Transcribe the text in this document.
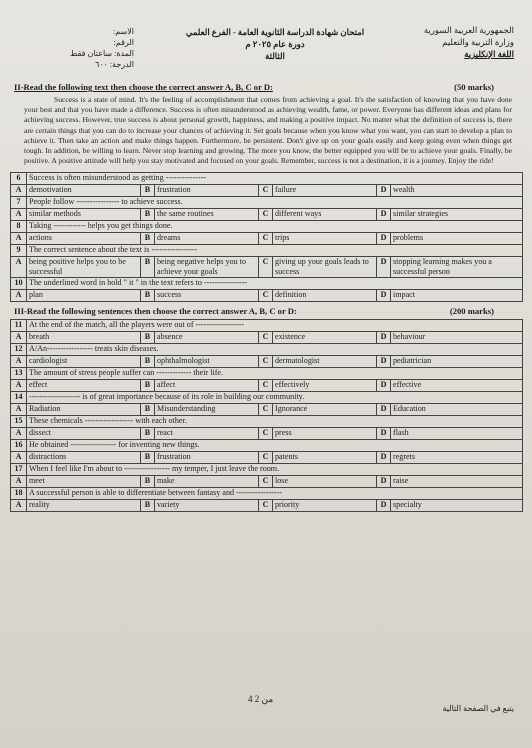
الجمهورية العربية السورية
وزارة التربية والتعليم
اللغة الإنكليزية
امتحان شهادة الدراسة الثانوية العامة - الفرع العلمي
دورة عام ٢٠٢٥ م
الثالثة
الاسم:
الرقم:
المدة: ساعتان فقط
الدرجة: ٦٠٠
II-Read the following text then choose the correct answer A, B, C or D:	(50 marks)
Success is a state of mind. It's the feeling of accomplishment that comes from achieving a goal. It's the satisfaction of knowing that you have done your best and that you have made a difference. Success is often misunderstood as achieving wealth, fame, or power. Everyone has different ideas and plans for achieving success. However, true success is about personal growth, happiness, and making a positive impact. No matter what the definition of success is, there are certain things that you can do to increase your chances of achieving it. Set goals because when you know what you want, you can start to develop a plan to achieve it. Then take an action and make things happen. Furthermore, be persistent. Don't give up on your goals easily and keep going even when things get tough. In addition, be willing to learn. Never stop learning and growing. The more you know, the better equipped you will be to achieve your goals. Finally, be positive. A positive attitude will help you stay motivated and focused on your goals. Remember, success is not a destination, it is a journey. Enjoy the ride!
6	Success is often misunderstood as getting ---------------						
A	demotivation	B	frustration	C	failure	D	wealth
7	People follow ---------------- to achieve success.						
A	similar methods	B	the same routines	C	different ways	D	similar strategies
8	Taking ------------ helps you get things done.						
A	actions	B	dreams	C	trips	D	problems
9	The correct sentence about the text is -----------------						
A	being positive helps you to be successful	B	being negative helps you to achieve your goals	C	giving up your goals leads to success	D	stopping learning makes you a successful person
10	The underlined word in bold " it " in the text refers to ----------------						
A	plan	B	success	C	definition	D	impact
III-Read the following sentences then choose the correct answer A, B, C or D:	(200 marks)
11	At the end of the match, all the players were out of ------------------						
A	breath	B	absence	C	existence	D	behaviour
12	A/An----------------- treats skin diseases.						
A	cardiologist	B	ophthalmologist	C	dermatologist	D	pediatrician
13	The amount of stress people suffer can ------------- their life.						
A	effect	B	affect	C	effectively	D	effective
14	------------------- is of great importance because of its role in building our community.						
A	Radiation	B	Misunderstanding	C	Ignorance	D	Education
15	These chemicals ------------------ with each other.						
A	dissect	B	react	C	press	D	flash
16	He obtained ----------------- for inventing new things.						
A	distractions	B	frustration	C	patents	D	regrets
17	When I feel like I'm about to ----------------- my temper, I just leave the room.						
A	meet	B	make	C	lose	D	raise
18	A successful person is able to differentiate between fantasy and -----------------						
A	reality	B	variety	C	priority	D	specialty
4 من 2
يتبع في الصفحة التالية
